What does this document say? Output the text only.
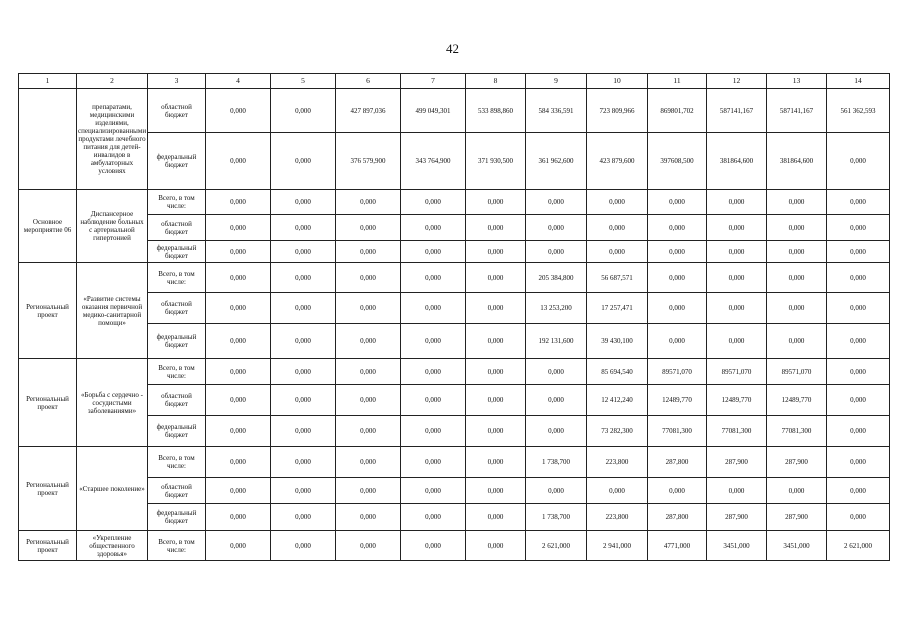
42
1	2	3	4	5	6	7	8	9	10	11	12	13	14
	препаратами, медицинскими изделиями, специализированными продуктами лечебного питания для детей-инвалидов в амбулаторных условиях	областной бюджет	0,000	0,000	427 897,036	499 049,301	533 898,860	584 336,591	723 809,966	869801,702	587141,167	587141,167	561 362,593
		федеральный бюджет	0,000	0,000	376 579,900	343 764,900	371 930,500	361 962,600	423 879,600	397608,500	381864,600	381864,600	0,000
Основное мероприятие 06	Диспансерное наблюдение больных с артериальной гипертонией	Всего, в том числе:	0,000	0,000	0,000	0,000	0,000	0,000	0,000	0,000	0,000	0,000	0,000
		областной бюджет	0,000	0,000	0,000	0,000	0,000	0,000	0,000	0,000	0,000	0,000	0,000
		федеральный бюджет	0,000	0,000	0,000	0,000	0,000	0,000	0,000	0,000	0,000	0,000	0,000
Региональный проект	«Развитие системы оказания первичной медико-санитарной помощи»	Всего, в том числе:	0,000	0,000	0,000	0,000	0,000	205 384,800	56 687,571	0,000	0,000	0,000	0,000
		областной бюджет	0,000	0,000	0,000	0,000	0,000	13 253,200	17 257,471	0,000	0,000	0,000	0,000
		федеральный бюджет	0,000	0,000	0,000	0,000	0,000	192 131,600	39 430,100	0,000	0,000	0,000	0,000
Региональный проект	«Борьба с сердечно - сосудистыми заболеваниями»	Всего, в том числе:	0,000	0,000	0,000	0,000	0,000	0,000	85 694,540	89571,070	89571,070	89571,070	0,000
		областной бюджет	0,000	0,000	0,000	0,000	0,000	0,000	12 412,240	12489,770	12489,770	12489,770	0,000
		федеральный бюджет	0,000	0,000	0,000	0,000	0,000	0,000	73 282,300	77081,300	77081,300	77081,300	0,000
Региональный проект	«Старшее поколение»	Всего, в том числе:	0,000	0,000	0,000	0,000	0,000	1 738,700	223,800	287,800	287,900	287,900	0,000
		областной бюджет	0,000	0,000	0,000	0,000	0,000	0,000	0,000	0,000	0,000	0,000	0,000
		федеральный бюджет	0,000	0,000	0,000	0,000	0,000	1 738,700	223,800	287,800	287,900	287,900	0,000
Региональный проект	«Укрепление общественного здоровья»	Всего, в том числе:	0,000	0,000	0,000	0,000	0,000	2 621,000	2 941,000	4771,000	3451,000	3451,000	2 621,000
